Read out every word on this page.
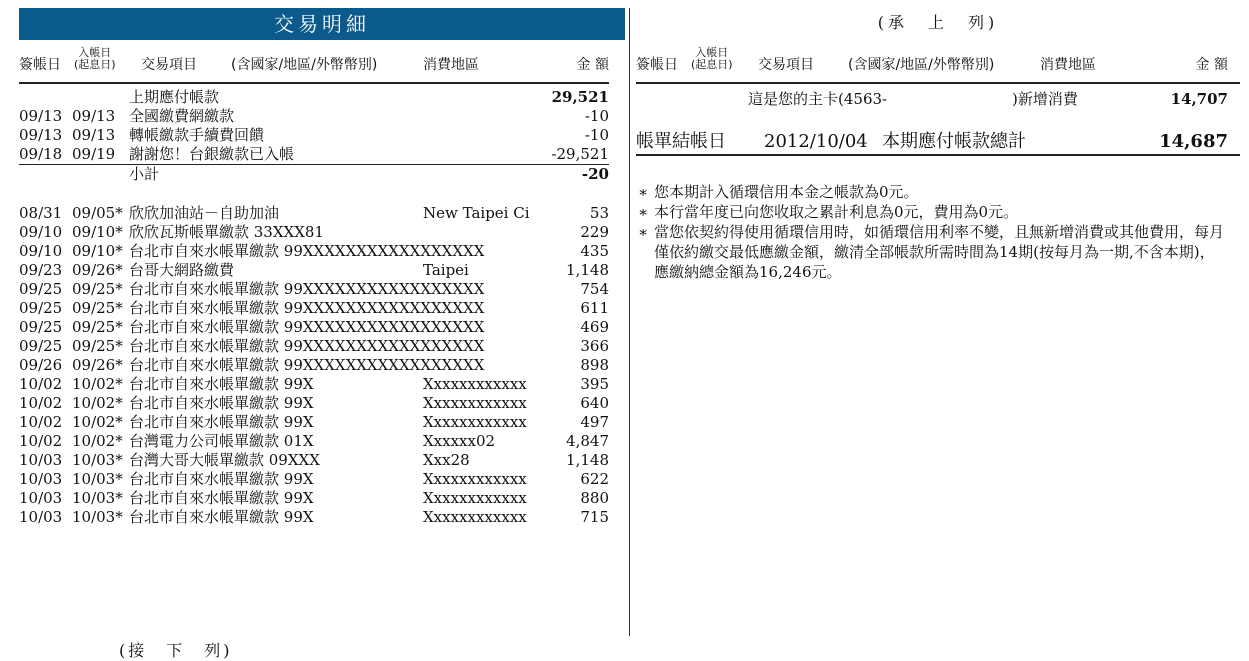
交易明細
簽帳日
入帳日
(起息日) 交易項目 (含國家/地區/外幣幣別)	消費地區	金 額
上期應付帳款	29,521
09/13 09/13 全國繳費網繳款	-10
09/13 09/13 轉帳繳款手續費回饋	-10
09/18 09/19 謝謝您！台銀繳款已入帳	-29,521
小計	-20
08/31 09/05* 欣欣加油站－自助加油	New Taipei Ci	53
09/10 09/10* 欣欣瓦斯帳單繳款 33XXX81	229
09/10 09/10* 台北市自來水帳單繳款 99XXXXXXXXXXXXXXXXX	435
09/23 09/26* 台哥大網路繳費	Taipei	1,148
09/25 09/25* 台北市自來水帳單繳款 99XXXXXXXXXXXXXXXXX	754
09/25 09/25* 台北市自來水帳單繳款 99XXXXXXXXXXXXXXXXX	611
09/25 09/25* 台北市自來水帳單繳款 99XXXXXXXXXXXXXXXXX	469
09/25 09/25* 台北市自來水帳單繳款 99XXXXXXXXXXXXXXXXX	366
09/26 09/26* 台北市自來水帳單繳款 99XXXXXXXXXXXXXXXXX	898
10/02 10/02* 台北市自來水帳單繳款 99X	Xxxxxxxxxxxx	395
10/02 10/02* 台北市自來水帳單繳款 99X	Xxxxxxxxxxxx	640
10/02 10/02* 台北市自來水帳單繳款 99X	Xxxxxxxxxxxx	497
10/02 10/02* 台灣電力公司帳單繳款 01X	Xxxxxx02	4,847
10/03 10/03* 台灣大哥大帳單繳款 09XXX	Xxx28	1,148
10/03 10/03* 台北市自來水帳單繳款 99X	Xxxxxxxxxxxx	622
10/03 10/03* 台北市自來水帳單繳款 99X	Xxxxxxxxxxxx	880
10/03 10/03* 台北市自來水帳單繳款 99X	Xxxxxxxxxxxx	715
(接　下　列)
(承　上　列)
簽帳日
入帳日
(起息日) 交易項目 (含國家/地區/外幣幣別)	消費地區	金 額
這是您的主卡(4563-	)新增消費	14,707
帳單結帳日 2012/10/04 本期應付帳款總計	14,687
∗ 您本期計入循環信用本金之帳款為0元。
∗ 本行當年度已向您收取之累計利息為0元，費用為0元。
∗ 當您依契約得使用循環信用時，如循環信用利率不變，且無新增消費或其他費用，每月僅依約繳交最低應繳金額，繳清全部帳款所需時間為14期(按每月為一期,不含本期)，應繳納總金額為16,246元。
